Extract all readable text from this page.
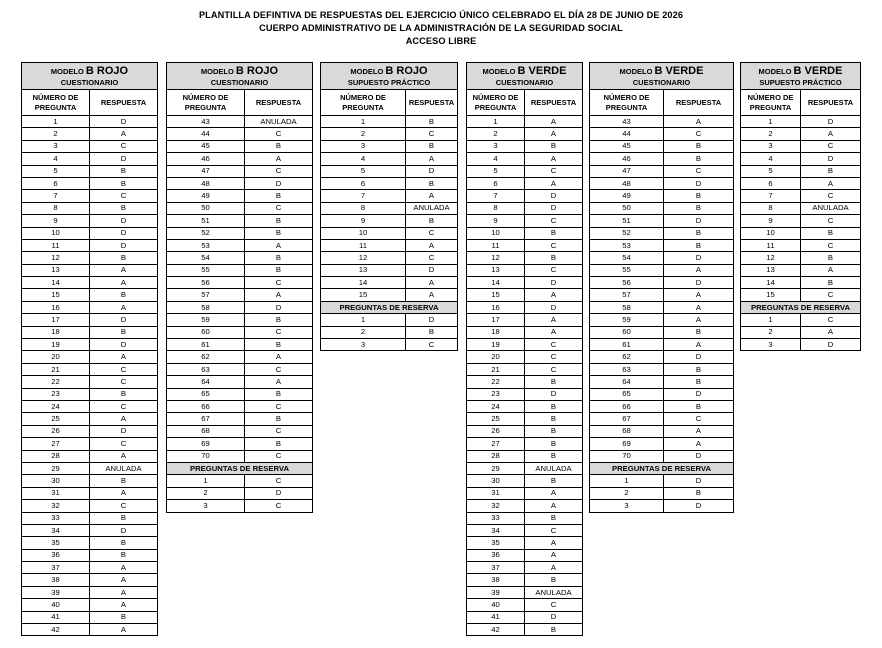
PLANTILLA DEFINTIVA DE RESPUESTAS DEL EJERCICIO ÚNICO CELEBRADO EL DÍA 28 DE JUNIO DE 2026
CUERPO ADMINISTRATIVO DE LA ADMINISTRACIÓN DE LA SEGURIDAD SOCIAL
ACCESO LIBRE
MODELO B ROJO
CUESTIONARIO	

NÚMERO DE PREGUNTA	RESPUESTA
1	D
2	A
3	C
4	D
5	B
6	B
7	C
8	B
9	D
10	D
11	D
12	B
13	A
14	A
15	B
16	A
17	D
18	B
19	D
20	A
21	C
22	C
23	B
24	C
25	A
26	D
27	C
28	A
29	ANULADA
30	B
31	A
32	C
33	B
34	D
35	B
36	B
37	A
38	A
39	A
40	A
41	B
42	A
MODELO B ROJO
CUESTIONARIO	

NÚMERO DE PREGUNTA	RESPUESTA
43	ANULADA
44	C
45	B
46	A
47	C
48	D
49	B
50	C
51	B
52	B
53	A
54	B
55	B
56	C
57	A
58	D
59	B
60	C
61	B
62	A
63	C
64	A
65	B
66	C
67	B
68	C
69	B
70	C
PREGUNTAS DE RESERVA	
1	C
2	D
3	C
MODELO B ROJO
SUPUESTO PRÁCTICO	

NÚMERO DE PREGUNTA	RESPUESTA
1	B
2	C
3	B
4	A
5	D
6	B
7	A
8	ANULADA
9	B
10	C
11	A
12	C
13	D
14	A
15	A
PREGUNTAS DE RESERVA	
1	D
2	B
3	C
MODELO B VERDE
CUESTIONARIO	

NÚMERO DE PREGUNTA	RESPUESTA
1	A
2	A
3	B
4	A
5	C
6	A
7	D
8	D
9	C
10	B
11	C
12	B
13	C
14	D
15	A
16	D
17	A
18	A
19	C
20	C
21	C
22	B
23	D
24	B
25	B
26	B
27	B
28	B
29	ANULADA
30	B
31	A
32	A
33	B
34	C
35	A
36	A
37	A
38	B
39	ANULADA
40	C
41	D
42	B
MODELO B VERDE
CUESTIONARIO	

NÚMERO DE PREGUNTA	RESPUESTA
43	A
44	C
45	B
46	B
47	C
48	D
49	B
50	B
51	D
52	B
53	B
54	D
55	A
56	D
57	A
58	A
59	A
60	B
61	A
62	D
63	B
64	B
65	D
66	B
67	C
68	A
69	A
70	D
PREGUNTAS DE RESERVA	
1	D
2	B
3	D
MODELO B VERDE
SUPUESTO PRÁCTICO	

NÚMERO DE PREGUNTA	RESPUESTA
1	D
2	A
3	C
4	D
5	B
6	A
7	C
8	ANULADA
9	C
10	B
11	C
12	B
13	A
14	B
15	C
PREGUNTAS DE RESERVA	
1	C
2	A
3	D
